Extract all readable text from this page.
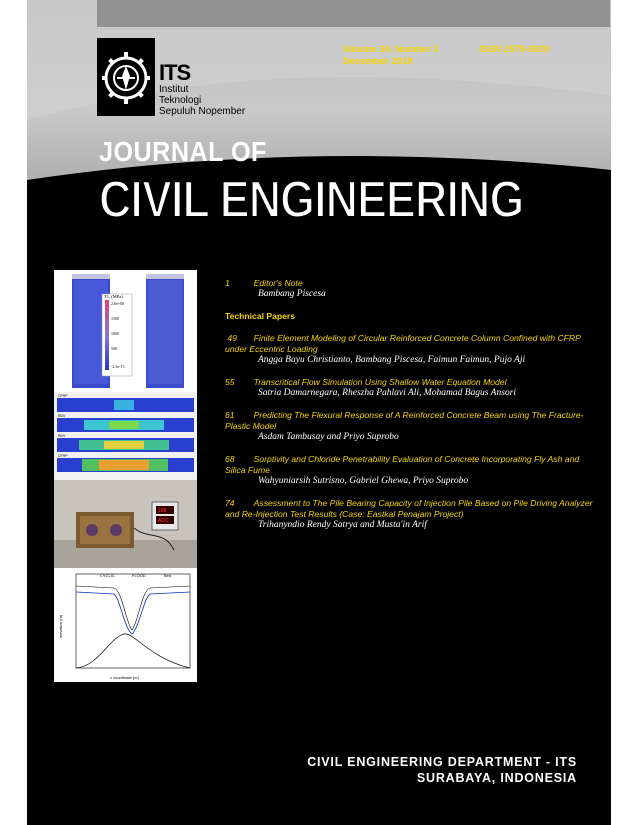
ITS
Institut
Teknologi
Sepuluh Nopember
Volume 34, Number 2
December 2019
ISSN 2579-9029
JOURNAL OF
CIVIL ENGINEERING
T1, (MPa)
2.6e+00
1500
1000
500
-2.3e-15
CFRP
RDV
RDV
CFRP
188
ADC
CYCLIC	FLOOD	Bed
x coordinate (m)
elevation (m)
1	Editor's Note
Bambang Piscesa
Technical Papers
49 Finite Element Modeling of Circular Reinforced Concrete Column Confined with CFRP under Eccentric Loading
Angga Bayu Christianto, Bambang Piscesa, Faimun Faimun, Pujo Aji
55 Transcritical Flow Simulation Using Shallow Water Equation Model
Satria Damarnegara, Rheszha Pahlavi Ali, Mohamad Bagus Ansori
61 Predicting The Flexural Response of A Reinforced Concrete Beam using The Fracture-Plastic Model
Asdam Tambusay and Priyo Suprobo
68 Sorptivity and Chloride Penetrability Evaluation of Concrete Incorporating Fly Ash and Silica Fume
Wahyuniarsih Sutrisno, Gabriel Ghewa, Priyo Suprobo
74 Assessment to The Pile Bearing Capacity of Injection Pile Based on Pile Driving Analyzer and Re-Injection Test Results (Case: Eastkal Penajam Project)
Trihanyndio Rendy Satrya and Musta'in Arif
CIVIL ENGINEERING DEPARTMENT - ITS
SURABAYA, INDONESIA
